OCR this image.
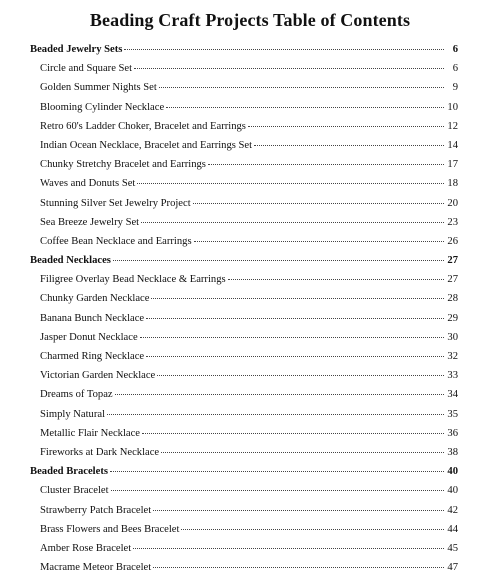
Beading Craft Projects Table of Contents
Beaded Jewelry Sets	6
Circle and Square Set	6
Golden Summer Nights Set	9
Blooming Cylinder Necklace	10
Retro 60's Ladder Choker, Bracelet and Earrings	12
Indian Ocean Necklace, Bracelet and Earrings Set	14
Chunky Stretchy Bracelet and Earrings	17
Waves and Donuts Set	18
Stunning Silver Set Jewelry Project	20
Sea Breeze Jewelry Set	23
Coffee Bean Necklace and Earrings	26
Beaded Necklaces	27
Filigree Overlay Bead Necklace & Earrings	27
Chunky Garden Necklace	28
Banana Bunch Necklace	29
Jasper Donut Necklace	30
Charmed Ring Necklace	32
Victorian Garden Necklace	33
Dreams of Topaz	34
Simply Natural	35
Metallic Flair Necklace	36
Fireworks at Dark Necklace	38
Beaded Bracelets	40
Cluster Bracelet	40
Strawberry Patch Bracelet	42
Brass Flowers and Bees Bracelet	44
Amber Rose Bracelet	45
Macrame Meteor Bracelet	47
